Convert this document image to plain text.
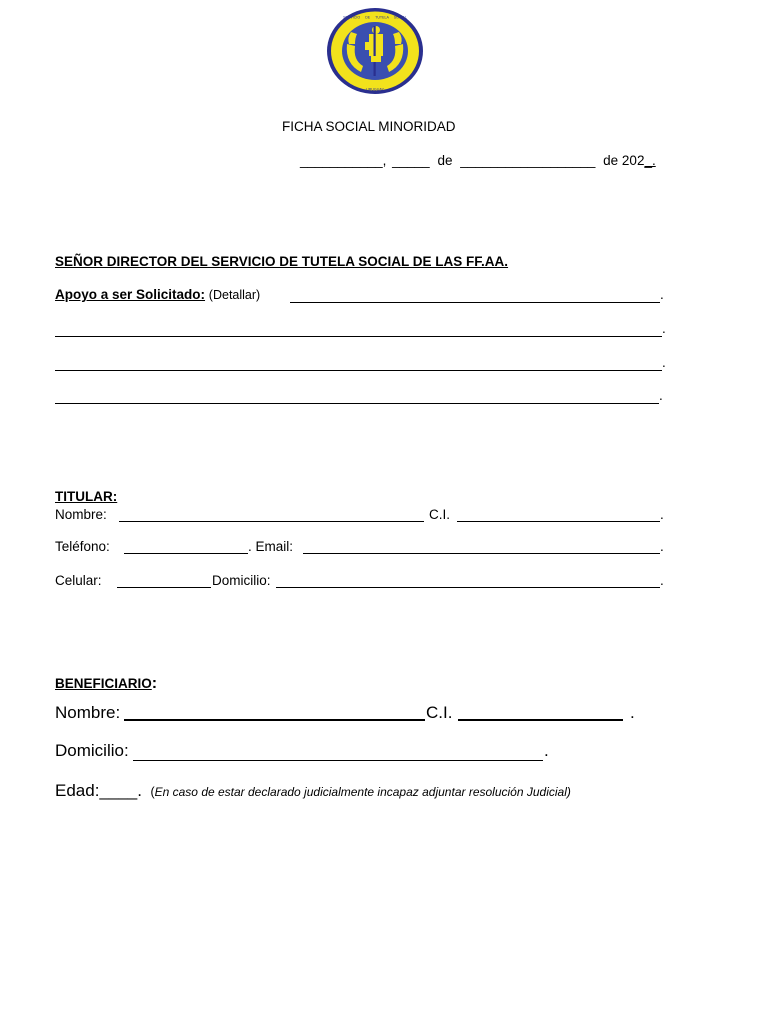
SERVICIO DE TUTELA SOCIAL
URUGUAY
FICHA SOCIAL MINORIDAD
___________, _____ de __________________ de 202_.
SEÑOR DIRECTOR DEL SERVICIO DE TUTELA SOCIAL DE LAS FF.AA.
Apoyo a ser Solicitado: (Detallar)	.
.
.
.
TITULAR:
Nombre:	C.I.	.
Teléfono:	. Email:	.
Celular:	Domicilio:	.
BENEFICIARIO:
Nombre:	C.I.	.
Domicilio:	.
Edad:____. (En caso de estar declarado judicialmente incapaz adjuntar resolución Judicial)
